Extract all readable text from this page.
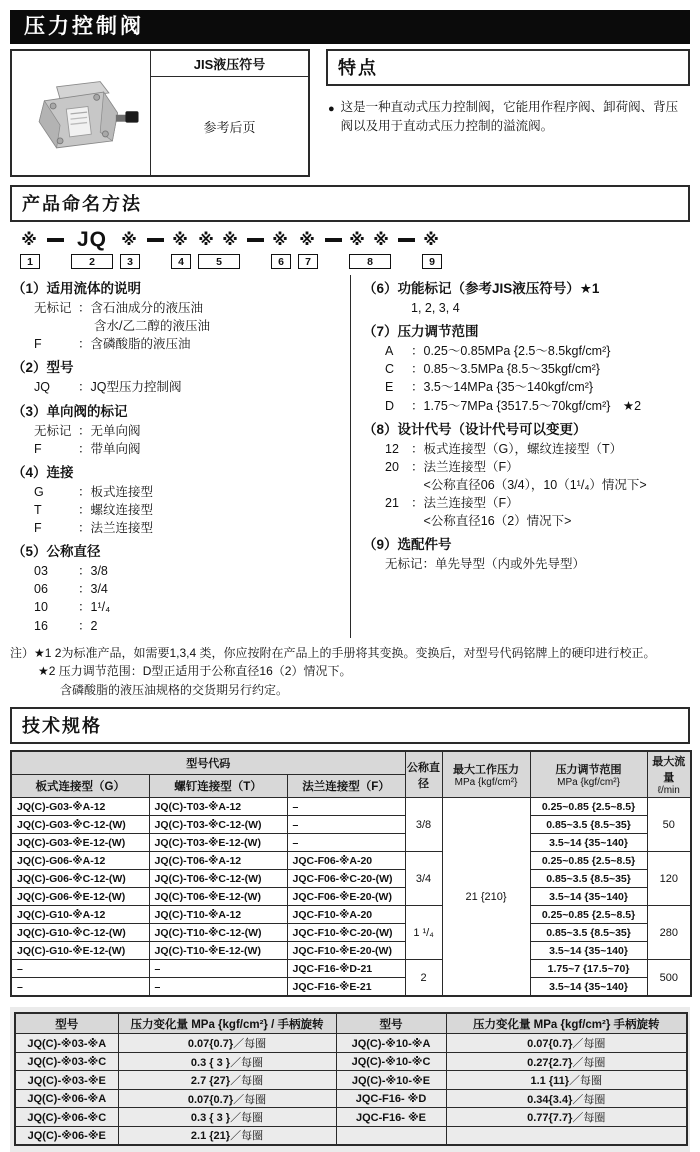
压力控制阀
JIS液压符号
参考后页
特点
● 这是一种直动式压力控制阀，它能用作程序阀、卸荷阀、背压阀以及用于直动式压力控制的溢流阀。

产品命名方法
※
1
JQ
2
※
3
※
4
※ ※
5
※
6
※
7
※ ※
8
※
9
（1）适用流体的说明
无标记 ：含石油成分的液压油
　 含水/乙二醇的液压油
F	：含磷酸脂的液压油
（2）型号
JQ	：JQ型压力控制阀
（3）单向阀的标记
无标记 ：无单向阀
F	：带单向阀
（4）连接
G	：板式连接型
T	：螺纹连接型
F	：法兰连接型
（5）公称直径
03	：3/8
06	：3/4
10	：1¹/₄
16	：2
（6）功能标记（参考JIS液压符号）★1
1, 2, 3, 4
（7）压力调节范围
A	：0.25～0.85MPa {2.5～8.5kgf/cm²}
C	：0.85～3.5MPa {8.5～35kgf/cm²}
E	：3.5～14MPa {35～140kgf/cm²}
D	：1.75～7MPa {3517.5～70kgf/cm²}　★2
（8）设计代号（设计代号可以变更）
12 ：板式连接型（G），螺纹连接型（T）
20 ：法兰连接型（F）
　<公称直径06（3/4），10（1¹/₄）情况下>
21 ：法兰连接型（F）
　<公称直径16（2）情况下>
（9）选配件号
无标记 ：单先导型（内或外先导型）
注）★1 2为标准产品，如需要1,3,4 类，你应按附在产品上的手册将其变换。变换后，对型号代码铭牌上的硬印进行校正。
★2 压力调节范围：D型正适用于公称直径16（2）情况下。
含磷酸脂的液压油规格的交货期另行约定。
技术规格
型号代码	公称直径	
最大工作压力
MPa {kgf/cm²}

压力调节范围
MPa {kgf/cm²}

最大流量
ℓ/min

板式连接型（G）	螺钉连接型（T）	法兰连接型（F）				
JQ(C)-G03-※A-12	JQ(C)-T03-※A-12	–	3/8	21 {210}	0.25~0.85 {2.5~8.5}	50
JQ(C)-G03-※C-12-(W)	JQ(C)-T03-※C-12-(W)	–			0.85~3.5 {8.5~35}	
JQ(C)-G03-※E-12-(W)	JQ(C)-T03-※E-12-(W)	–			3.5~14 {35~140}	
JQ(C)-G06-※A-12	JQ(C)-T06-※A-12	JQC-F06-※A-20	3/4		0.25~0.85 {2.5~8.5}	120
JQ(C)-G06-※C-12-(W)	JQ(C)-T06-※C-12-(W)	JQC-F06-※C-20-(W)			0.85~3.5 {8.5~35}	
JQ(C)-G06-※E-12-(W)	JQ(C)-T06-※E-12-(W)	JQC-F06-※E-20-(W)			3.5~14 {35~140}	
JQ(C)-G10-※A-12	JQ(C)-T10-※A-12	JQC-F10-※A-20	1 ¹/₄		0.25~0.85 {2.5~8.5}	280
JQ(C)-G10-※C-12-(W)	JQ(C)-T10-※C-12-(W)	JQC-F10-※C-20-(W)			0.85~3.5 {8.5~35}	
JQ(C)-G10-※E-12-(W)	JQ(C)-T10-※E-12-(W)	JQC-F10-※E-20-(W)			3.5~14 {35~140}	
–	–	JQC-F16-※D-21	2		1.75~7 {17.5~70}	500
–	–	JQC-F16-※E-21			3.5~14 {35~140}	
型号	压力变化量 MPa {kgf/cm²} / 手柄旋转	型号	压力变化量 MPa {kgf/cm²} 手柄旋转
JQ(C)-※03-※A	0.07{0.7}／每圈	JQ(C)-※10-※A	0.07{0.7}／每圈
JQ(C)-※03-※C	0.3 { 3 }／每圈	JQ(C)-※10-※C	0.27{2.7}／每圈
JQ(C)-※03-※E	2.7 {27}／每圈	JQ(C)-※10-※E	1.1 {11}／每圈
JQ(C)-※06-※A	0.07{0.7}／每圈	JQC-F16- ※D	0.34{3.4}／每圈
JQ(C)-※06-※C	0.3 { 3 }／每圈	JQC-F16- ※E	0.77{7.7}／每圈
JQ(C)-※06-※E	2.1 {21}／每圈		
